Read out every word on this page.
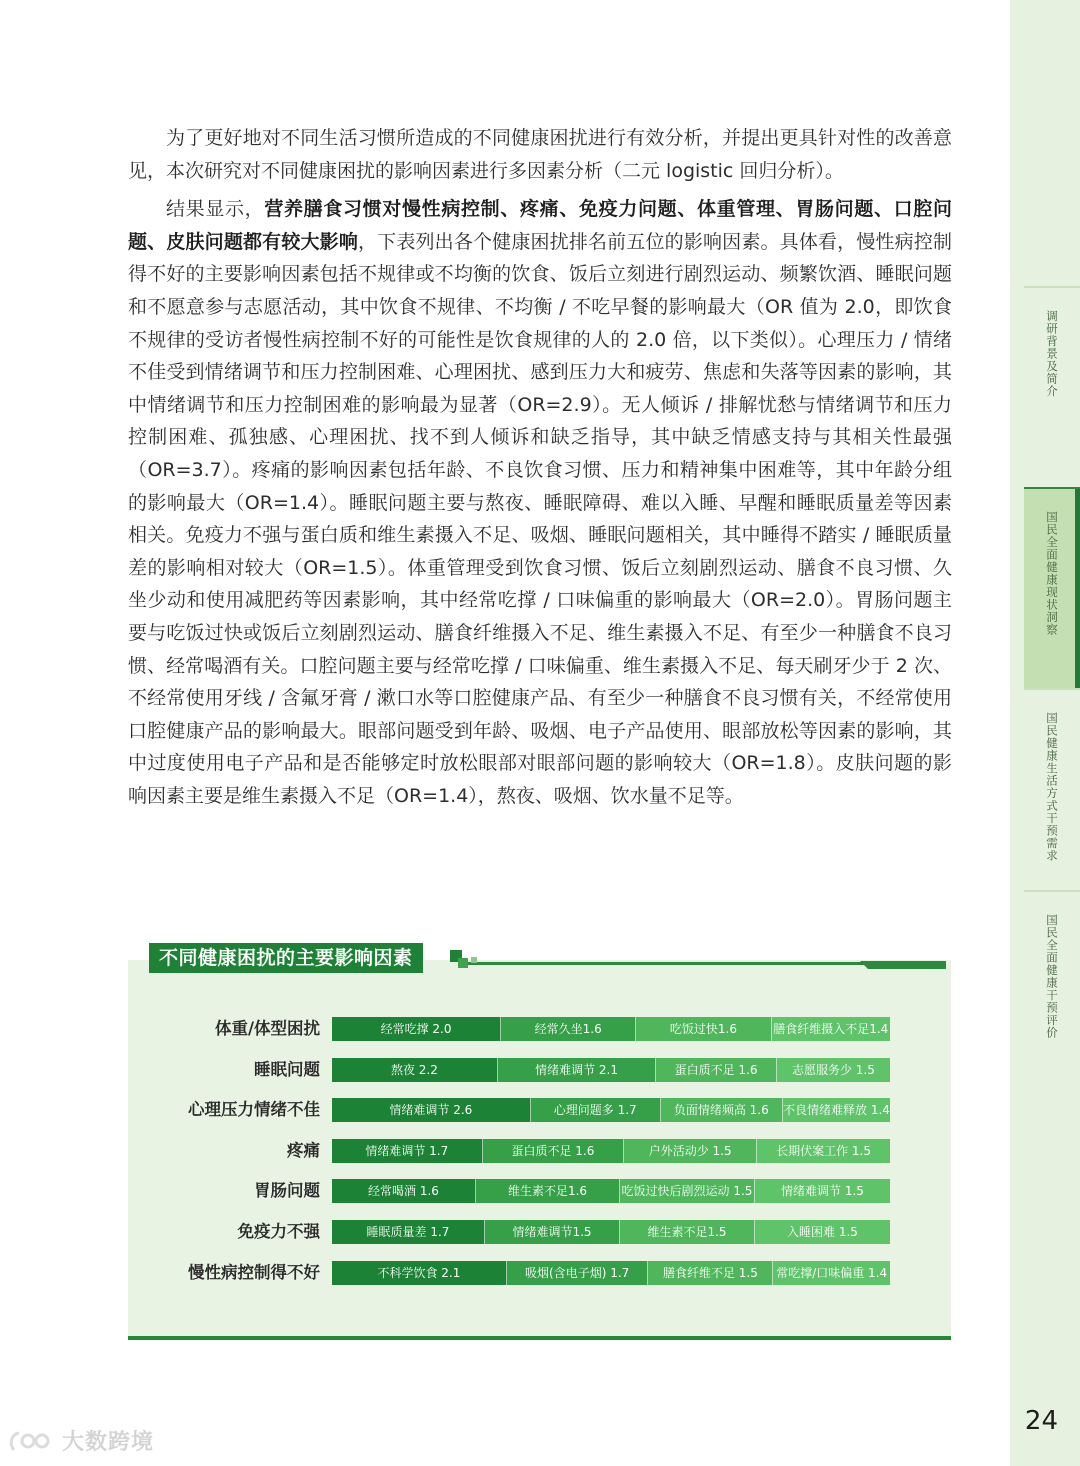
为了更好地对不同生活习惯所造成的不同健康困扰进行有效分析，并提出更具针对性的改善意见，本次研究对不同健康困扰的影响因素进行多因素分析（二元 logistic 回归分析）。

结果显示，营养膳食习惯对慢性病控制、疼痛、免疫力问题、体重管理、胃肠问题、口腔问题、皮肤问题都有较大影响，下表列出各个健康困扰排名前五位的影响因素。具体看，慢性病控制得不好的主要影响因素包括不规律或不均衡的饮食、饭后立刻进行剧烈运动、频繁饮酒、睡眠问题和不愿意参与志愿活动，其中饮食不规律、不均衡 / 不吃早餐的影响最大（OR 值为 2.0，即饮食不规律的受访者慢性病控制不好的可能性是饮食规律的人的 2.0 倍，以下类似）。心理压力 / 情绪不佳受到情绪调节和压力控制困难、心理困扰、感到压力大和疲劳、焦虑和失落等因素的影响，其中情绪调节和压力控制困难的影响最为显著（OR=2.9）。无人倾诉 / 排解忧愁与情绪调节和压力控制困难、孤独感、心理困扰、找不到人倾诉和缺乏指导，其中缺乏情感支持与其相关性最强（OR=3.7）。疼痛的影响因素包括年龄、不良饮食习惯、压力和精神集中困难等，其中年龄分组的影响最大（OR=1.4）。睡眠问题主要与熬夜、睡眠障碍、难以入睡、早醒和睡眠质量差等因素相关。免疫力不强与蛋白质和维生素摄入不足、吸烟、睡眠问题相关，其中睡得不踏实 / 睡眠质量差的影响相对较大（OR=1.5）。体重管理受到饮食习惯、饭后立刻剧烈运动、膳食不良习惯、久坐少动和使用减肥药等因素影响，其中经常吃撑 / 口味偏重的影响最大（OR=2.0）。胃肠问题主要与吃饭过快或饭后立刻剧烈运动、膳食纤维摄入不足、维生素摄入不足、有至少一种膳食不良习惯、经常喝酒有关。口腔问题主要与经常吃撑 / 口味偏重、维生素摄入不足、每天刷牙少于 2 次、不经常使用牙线 / 含氟牙膏 / 漱口水等口腔健康产品、有至少一种膳食不良习惯有关，不经常使用口腔健康产品的影响最大。眼部问题受到年龄、吸烟、电子产品使用、眼部放松等因素的影响，其中过度使用电子产品和是否能够定时放松眼部对眼部问题的影响较大（OR=1.8）。皮肤问题的影响因素主要是维生素摄入不足（OR=1.4），熬夜、吸烟、饮水量不足等。

不同健康困扰的主要影响因素
体重/体型困扰	经常吃撑 2.0	经常久坐1.6	吃饭过快1.6	膳食纤维摄入不足1.4
睡眠问题	熬夜 2.2	情绪难调节 2.1	蛋白质不足 1.6	志愿服务少 1.5
心理压力情绪不佳	情绪难调节 2.6	心理问题多 1.7	负面情绪频高 1.6	不良情绪难释放 1.4
疼痛	情绪难调节 1.7	蛋白质不足 1.6	户外活动少 1.5	长期伏案工作 1.5
胃肠问题	经常喝酒 1.6	维生素不足1.6	吃饭过快后剧烈运动 1.5	情绪难调节 1.5
免疫力不强	睡眠质量差 1.7	情绪难调节1.5	维生素不足1.5	入睡困难 1.5
慢性病控制得不好	不科学饮食 2.1	吸烟(含电子烟) 1.7	膳食纤维不足 1.5	常吃撑/口味偏重 1.4
调研背景及简介
国民全面健康现状洞察
国民健康生活方式干预需求
国民全面健康干预评价
24
大数跨境
